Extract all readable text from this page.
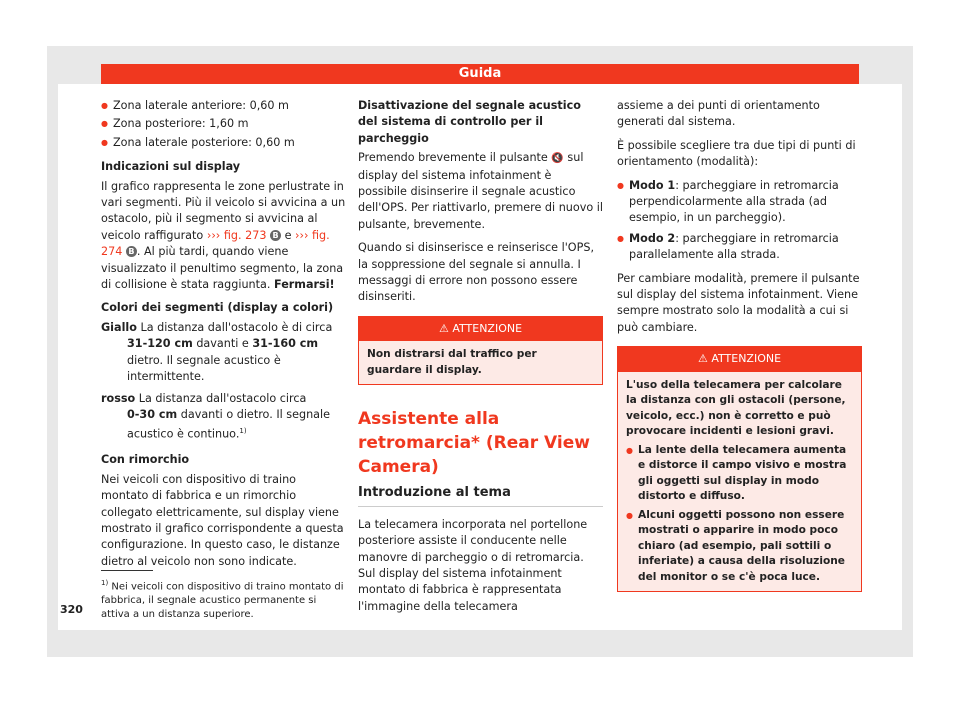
Guida
● Zona laterale anteriore: 0,60 m
● Zona posteriore: 1,60 m
● Zona laterale posteriore: 0,60 m
Indicazioni sul display

Il grafico rappresenta le zone perlustrate in vari segmenti. Più il veicolo si avvicina a un ostacolo, più il segmento si avvicina al veicolo raffigurato ››› fig. 273 B e ››› fig. 274 B . Al più tardi, quando viene visualizzato il penultimo segmento, la zona di collisione è stata raggiunta. Fermarsi!

Colori dei segmenti (display a colori)
Giallo La distanza dall'ostacolo è di circa
31-120 cm davanti e 31-160 cm dietro. Il segnale acustico è intermittente.
rosso La distanza dall'ostacolo circa
0-30 cm davanti o dietro. Il segnale acustico è continuo.$^{1)}$
Con rimorchio

Nei veicoli con dispositivo di traino montato di fabbrica e un rimorchio collegato elettricamente, sul display viene mostrato il grafico corrispondente a questa configurazione. In questo caso, le distanze dietro al veicolo non sono indicate.

$^{1)}$ Nei veicoli con dispositivo di traino montato di fabbrica, il segnale acustico permanente si attiva a un distanza superiore.
320
Disattivazione del segnale acustico del sistema di controllo per il parcheggio

Premendo brevemente il pulsante 🔇 sul display del sistema infotainment è possibile disinserire il segnale acustico dell'OPS. Per riattivarlo, premere di nuovo il pulsante, brevemente.

Quando si disinserisce e reinserisce l'OPS, la soppressione del segnale si annulla. I messaggi di errore non possono essere disinseriti.

⚠ ATTENZIONE
Non distrarsi dal traffico per guardare il display.
Assistente alla retromarcia* (Rear View Camera)
Introduzione al tema

La telecamera incorporata nel portellone posteriore assiste il conducente nelle manovre di parcheggio o di retromarcia. Sul display del sistema infotainment montato di fabbrica è rappresentata l'immagine della telecamera

assieme a dei punti di orientamento generati dal sistema.

È possibile scegliere tra due tipi di punti di orientamento (modalità):

● Modo 1: parcheggiare in retromarcia perpendicolarmente alla strada (ad esempio, in un parcheggio).
● Modo 2: parcheggiare in retromarcia parallelamente alla strada.

Per cambiare modalità, premere il pulsante sul display del sistema infotainment. Viene sempre mostrato solo la modalità a cui si può cambiare.

⚠ ATTENZIONE
L'uso della telecamera per calcolare la distanza con gli ostacoli (persone, veicolo, ecc.) non è corretto e può provocare incidenti e lesioni gravi.
● La lente della telecamera aumenta e distorce il campo visivo e mostra gli oggetti sul display in modo distorto e diffuso.
● Alcuni oggetti possono non essere mostrati o apparire in modo poco chiaro (ad esempio, pali sottili o inferiate) a causa della risoluzione del monitor o se c'è poca luce.
